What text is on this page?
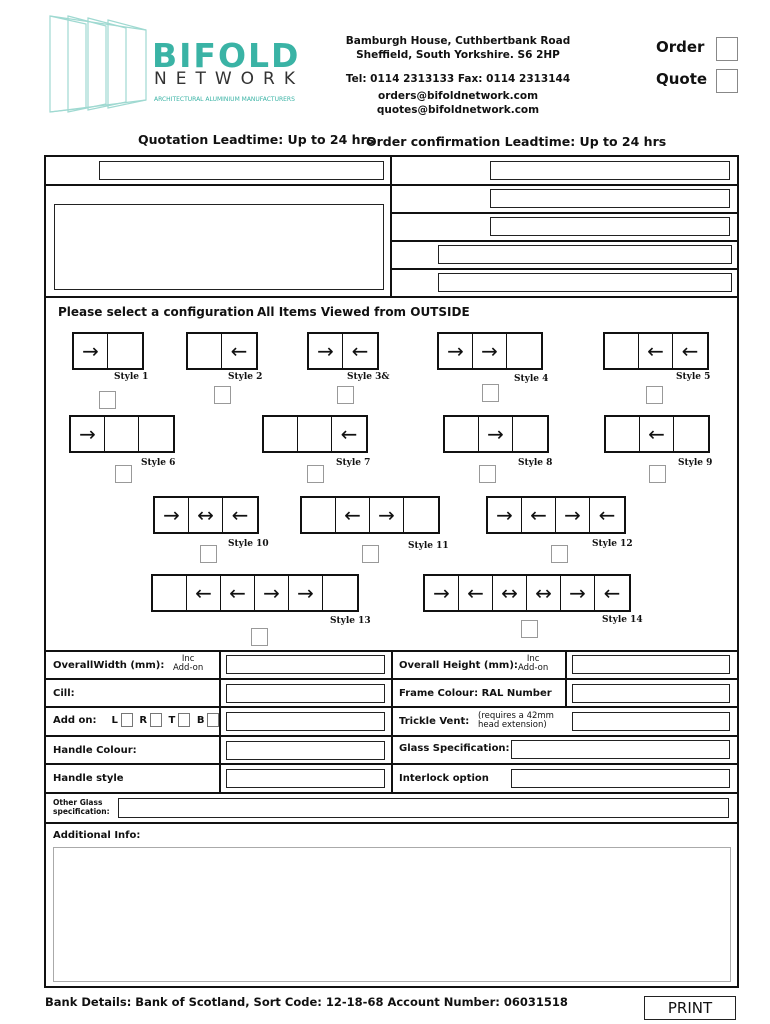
BIFOLD
NETWORK
ARCHITECTURAL ALUMINIUM MANUFACTURERS
Bamburgh House, Cuthbertbank Road
Sheffield, South Yorkshire. S6 2HP
Tel: 0114 2313133 Fax: 0114 2313144
orders@bifoldnetwork.com
quotes@bifoldnetwork.com
Order
Quote
Quotation Leadtime: Up to 24 hrs
Order confirmation Leadtime: Up to 24 hrs
Please select a configuration All Items Viewed from OUTSIDE
→
Style 1
←
Style 2
→ ←
Style 3&
→ →
Style 4
← ←
Style 5
→
Style 6
←
Style 7
→
Style 8
←
Style 9
→ ↔ ←
Style 10
← →
Style 11
→ ← → ←
Style 12
← ← → →
Style 13
→ ← ↔ ↔ → ←
Style 14
OverallWidth (mm):
Inc
Add-on	Overall Height (mm):
Inc
Add-on
Cill:	Frame Colour: RAL Number
Add on: L R T B	Trickle Vent: (requires a 42mm
head extension)
Handle Colour:	Glass Specification:
Handle style	Interlock option
Other Glass
specification:
Additional Info:
Bank Details: Bank of Scotland, Sort Code: 12-18-68 Account Number: 06031518	PRINT
